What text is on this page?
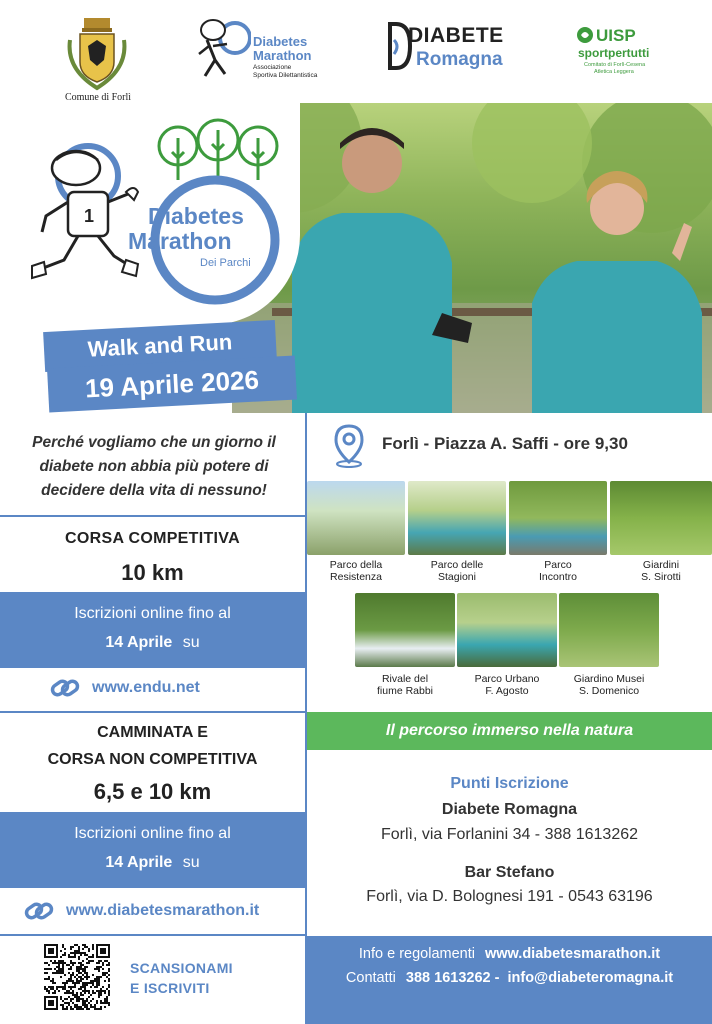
Comune di Forlì
Diabetes
Marathon
Associazione
Sportiva Dilettantistica
DIABETE
Romagna
UISP
sportpertutti
Comitato di Forlì-Cesena
Atletica Leggera
1 Diabetes
Marathon
Dei Parchi
Walk and Run
19 Aprile 2026
Perché vogliamo che un giorno il diabete non abbia più potere di decidere della vita di nessuno!
CORSA COMPETITIVA
10 km
Iscrizioni online fino al
14 Aprile su
www.endu.net
CAMMINATA E
CORSA NON COMPETITIVA
6,5 e 10 km
Iscrizioni online fino al
14 Aprile su
www.diabetesmarathon.it
SCANSIONAMI
E ISCRIVITI
Forlì - Piazza A. Saffi - ore 9,30
Parco della
Resistenza
Parco delle
Stagioni
Parco
Incontro
Giardini
S. Sirotti
Rivale del
fiume Rabbi
Parco Urbano
F. Agosto
Giardino Musei
S. Domenico
Il percorso immerso nella natura
Punti Iscrizione
Diabete Romagna
Forlì, via Forlanini 34 - 388 1613262
Bar Stefano
Forlì, via D. Bolognesi 191 - 0543 63196
Info e regolamenti www.diabetesmarathon.it
Contatti 388 1613262 - info@diabeteromagna.it
